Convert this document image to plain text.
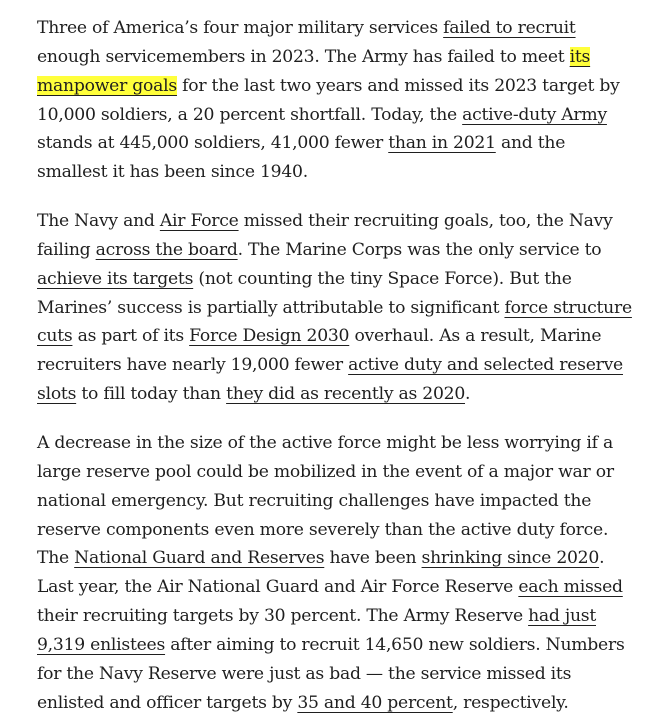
Three of America’s four major military services failed to recruit enough servicemembers in 2023. The Army has failed to meet its manpower goals for the last two years and missed its 2023 target by 10,000 soldiers, a 20 percent shortfall. Today, the active-duty Army stands at 445,000 soldiers, 41,000 fewer than in 2021 and the smallest it has been since 1940.

The Navy and Air Force missed their recruiting goals, too, the Navy failing across the board. The Marine Corps was the only service to achieve its targets (not counting the tiny Space Force). But the Marines’ success is partially attributable to significant force structure cuts as part of its Force Design 2030 overhaul. As a result, Marine recruiters have nearly 19,000 fewer active duty and selected reserve slots to fill today than they did as recently as 2020.

A decrease in the size of the active force might be less worrying if a large reserve pool could be mobilized in the event of a major war or national emergency. But recruiting challenges have impacted the reserve components even more severely than the active duty force. The National Guard and Reserves have been shrinking since 2020. Last year, the Air National Guard and Air Force Reserve each missed their recruiting targets by 30 percent. The Army Reserve had just 9,319 enlistees after aiming to recruit 14,650 new soldiers. Numbers for the Navy Reserve were just as bad — the service missed its enlisted and officer targets by 35 and 40 percent, respectively.
